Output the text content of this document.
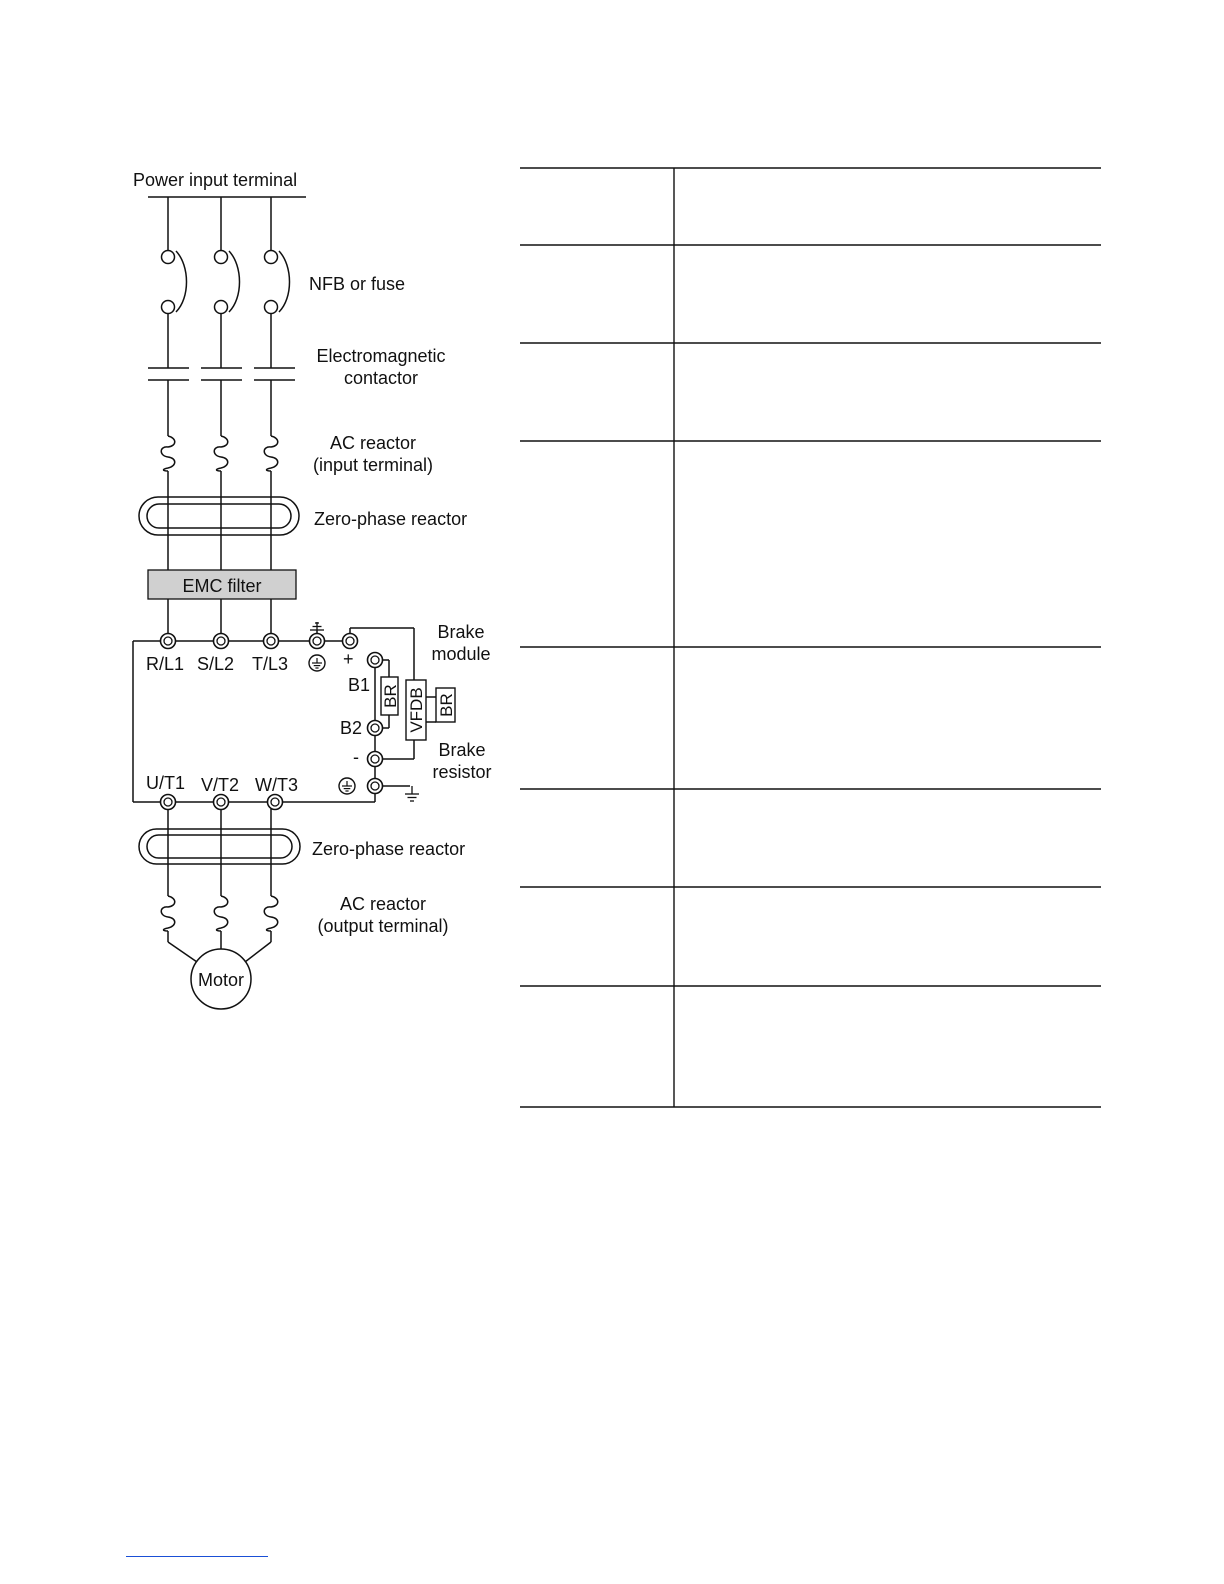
Power input terminal
NFB or fuse
Electromagnetic
contactor
AC reactor
(input terminal)
Zero-phase reactor
EMC filter
R/L1 S/L2 T/L3	+
-
B1
B2
BR VFDB BR
Brake
module
Brake
resistor
U/T1 V/T2 W/T3
Zero-phase reactor
AC reactor
(output terminal)
Motor
